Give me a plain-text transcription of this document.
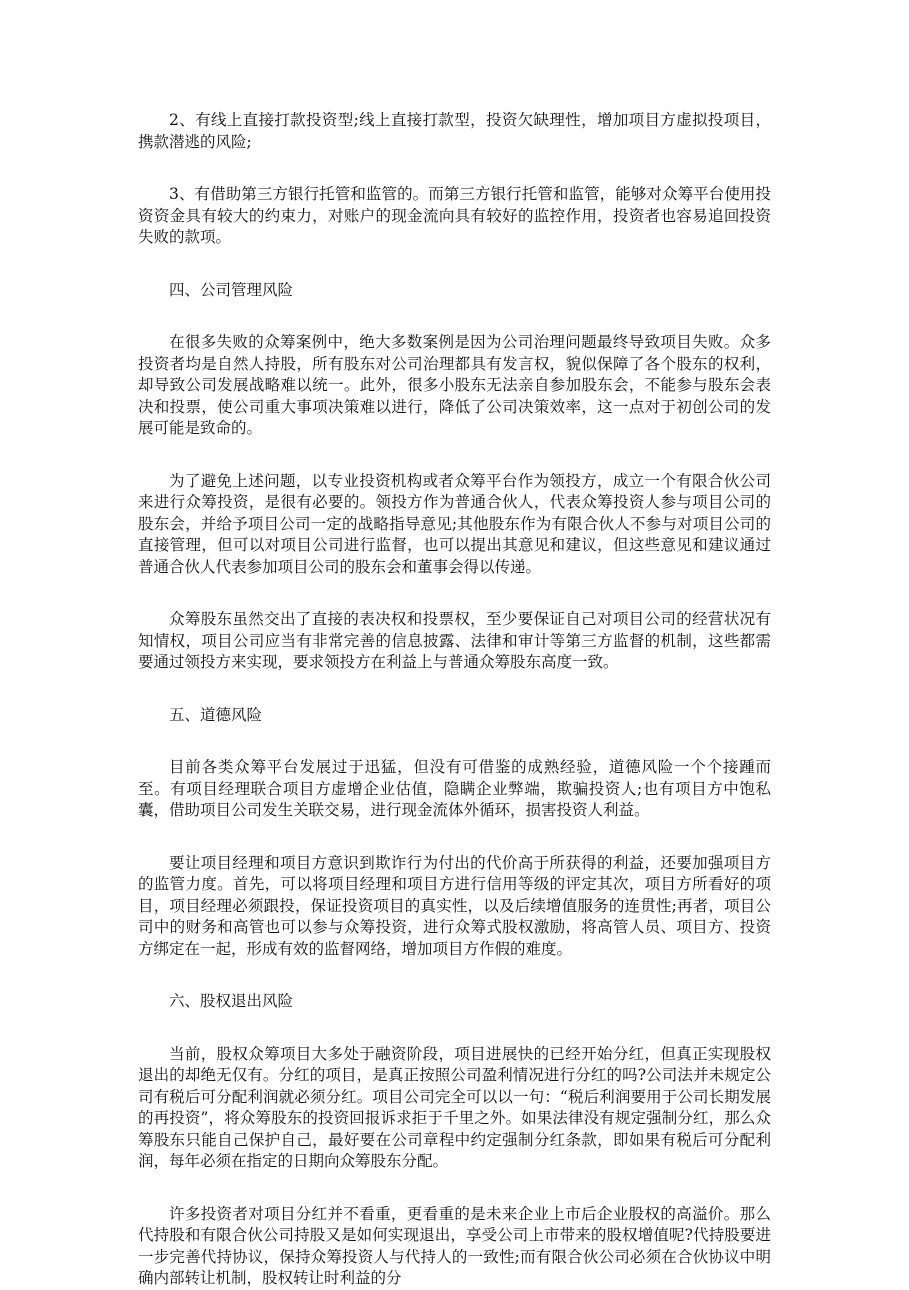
2、有线上直接打款投资型;线上直接打款型，投资欠缺理性，增加项目方虚拟投项目，携款潜逃的风险;

3、有借助第三方银行托管和监管的。而第三方银行托管和监管，能够对众筹平台使用投资资金具有较大的约束力，对账户的现金流向具有较好的监控作用，投资者也容易追回投资失败的款项。

四、公司管理风险

在很多失败的众筹案例中，绝大多数案例是因为公司治理问题最终导致项目失败。众多投资者均是自然人持股，所有股东对公司治理都具有发言权，貌似保障了各个股东的权利，却导致公司发展战略难以统一。此外，很多小股东无法亲自参加股东会，不能参与股东会表决和投票，使公司重大事项决策难以进行，降低了公司决策效率，这一点对于初创公司的发展可能是致命的。

为了避免上述问题，以专业投资机构或者众筹平台作为领投方，成立一个有限合伙公司来进行众筹投资，是很有必要的。领投方作为普通合伙人，代表众筹投资人参与项目公司的股东会，并给予项目公司一定的战略指导意见;其他股东作为有限合伙人不参与对项目公司的直接管理，但可以对项目公司进行监督，也可以提出其意见和建议，但这些意见和建议通过普通合伙人代表参加项目公司的股东会和董事会得以传递。

众筹股东虽然交出了直接的表决权和投票权，至少要保证自己对项目公司的经营状况有知情权，项目公司应当有非常完善的信息披露、法律和审计等第三方监督的机制，这些都需要通过领投方来实现，要求领投方在利益上与普通众筹股东高度一致。

五、道德风险

目前各类众筹平台发展过于迅猛，但没有可借鉴的成熟经验，道德风险一个个接踵而至。有项目经理联合项目方虚增企业估值，隐瞒企业弊端，欺骗投资人;也有项目方中饱私囊，借助项目公司发生关联交易，进行现金流体外循环，损害投资人利益。

要让项目经理和项目方意识到欺诈行为付出的代价高于所获得的利益，还要加强项目方的监管力度。首先，可以将项目经理和项目方进行信用等级的评定其次，项目方所看好的项目，项目经理必须跟投，保证投资项目的真实性，以及后续增值服务的连贯性;再者，项目公司中的财务和高管也可以参与众筹投资，进行众筹式股权激励，将高管人员、项目方、投资方绑定在一起，形成有效的监督网络，增加项目方作假的难度。

六、股权退出风险

当前，股权众筹项目大多处于融资阶段，项目进展快的已经开始分红，但真正实现股权退出的却绝无仅有。分红的项目，是真正按照公司盈利情况进行分红的吗?公司法并未规定公司有税后可分配利润就必须分红。项目公司完全可以以一句：“税后利润要用于公司长期发展的再投资”，将众筹股东的投资回报诉求拒于千里之外。如果法律没有规定强制分红，那么众筹股东只能自己保护自己，最好要在公司章程中约定强制分红条款，即如果有税后可分配利润，每年必须在指定的日期向众筹股东分配。

许多投资者对项目分红并不看重，更看重的是未来企业上市后企业股权的高溢价。那么代持股和有限合伙公司持股又是如何实现退出，享受公司上市带来的股权增值呢?代持股要进一步完善代持协议，保持众筹投资人与代持人的一致性;而有限合伙公司必须在合伙协议中明确内部转让机制，股权转让时利益的分
